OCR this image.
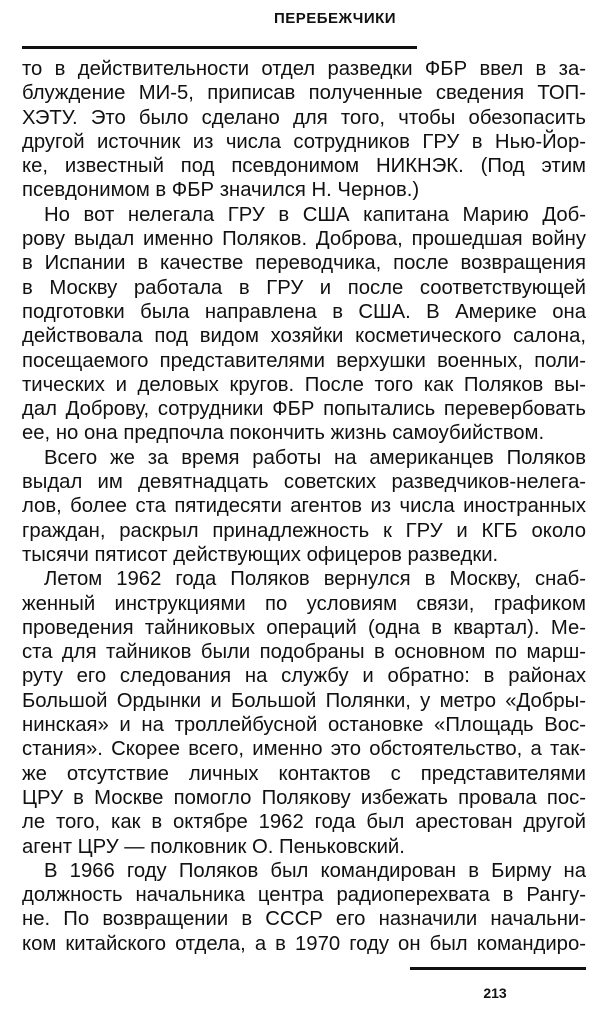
ПЕРЕБЕЖЧИКИ
то в действительности отдел разведки ФБР ввел в за-
блуждение МИ-5, приписав полученные сведения ТОП-
ХЭТУ. Это было сделано для того, чтобы обезопасить
другой источник из числа сотрудников ГРУ в Нью-Йор-
ке, известный под псевдонимом НИКНЭК. (Под этим
псевдонимом в ФБР значился Н. Чернов.)
Но вот нелегала ГРУ в США капитана Марию Доб-
рову выдал именно Поляков. Доброва, прошедшая войну
в Испании в качестве переводчика, после возвращения
в Москву работала в ГРУ и после соответствующей
подготовки была направлена в США. В Америке она
действовала под видом хозяйки косметического салона,
посещаемого представителями верхушки военных, поли-
тических и деловых кругов. После того как Поляков вы-
дал Доброву, сотрудники ФБР попытались перевербовать
ее, но она предпочла покончить жизнь самоубийством.
Всего же за время работы на американцев Поляков
выдал им девятнадцать советских разведчиков-нелега-
лов, более ста пятидесяти агентов из числа иностранных
граждан, раскрыл принадлежность к ГРУ и КГБ около
тысячи пятисот действующих офицеров разведки.
Летом 1962 года Поляков вернулся в Москву, снаб-
женный инструкциями по условиям связи, графиком
проведения тайниковых операций (одна в квартал). Ме-
ста для тайников были подобраны в основном по марш-
руту его следования на службу и обратно: в районах
Большой Ордынки и Большой Полянки, у метро «Добры-
нинская» и на троллейбусной остановке «Площадь Вос-
стания». Скорее всего, именно это обстоятельство, а так-
же отсутствие личных контактов с представителями
ЦРУ в Москве помогло Полякову избежать провала пос-
ле того, как в октябре 1962 года был арестован другой
агент ЦРУ — полковник О. Пеньковский.
В 1966 году Поляков был командирован в Бирму на
должность начальника центра радиоперехвата в Рангу-
не. По возвращении в СССР его назначили начальни-
ком китайского отдела, а в 1970 году он был командиро-
213
